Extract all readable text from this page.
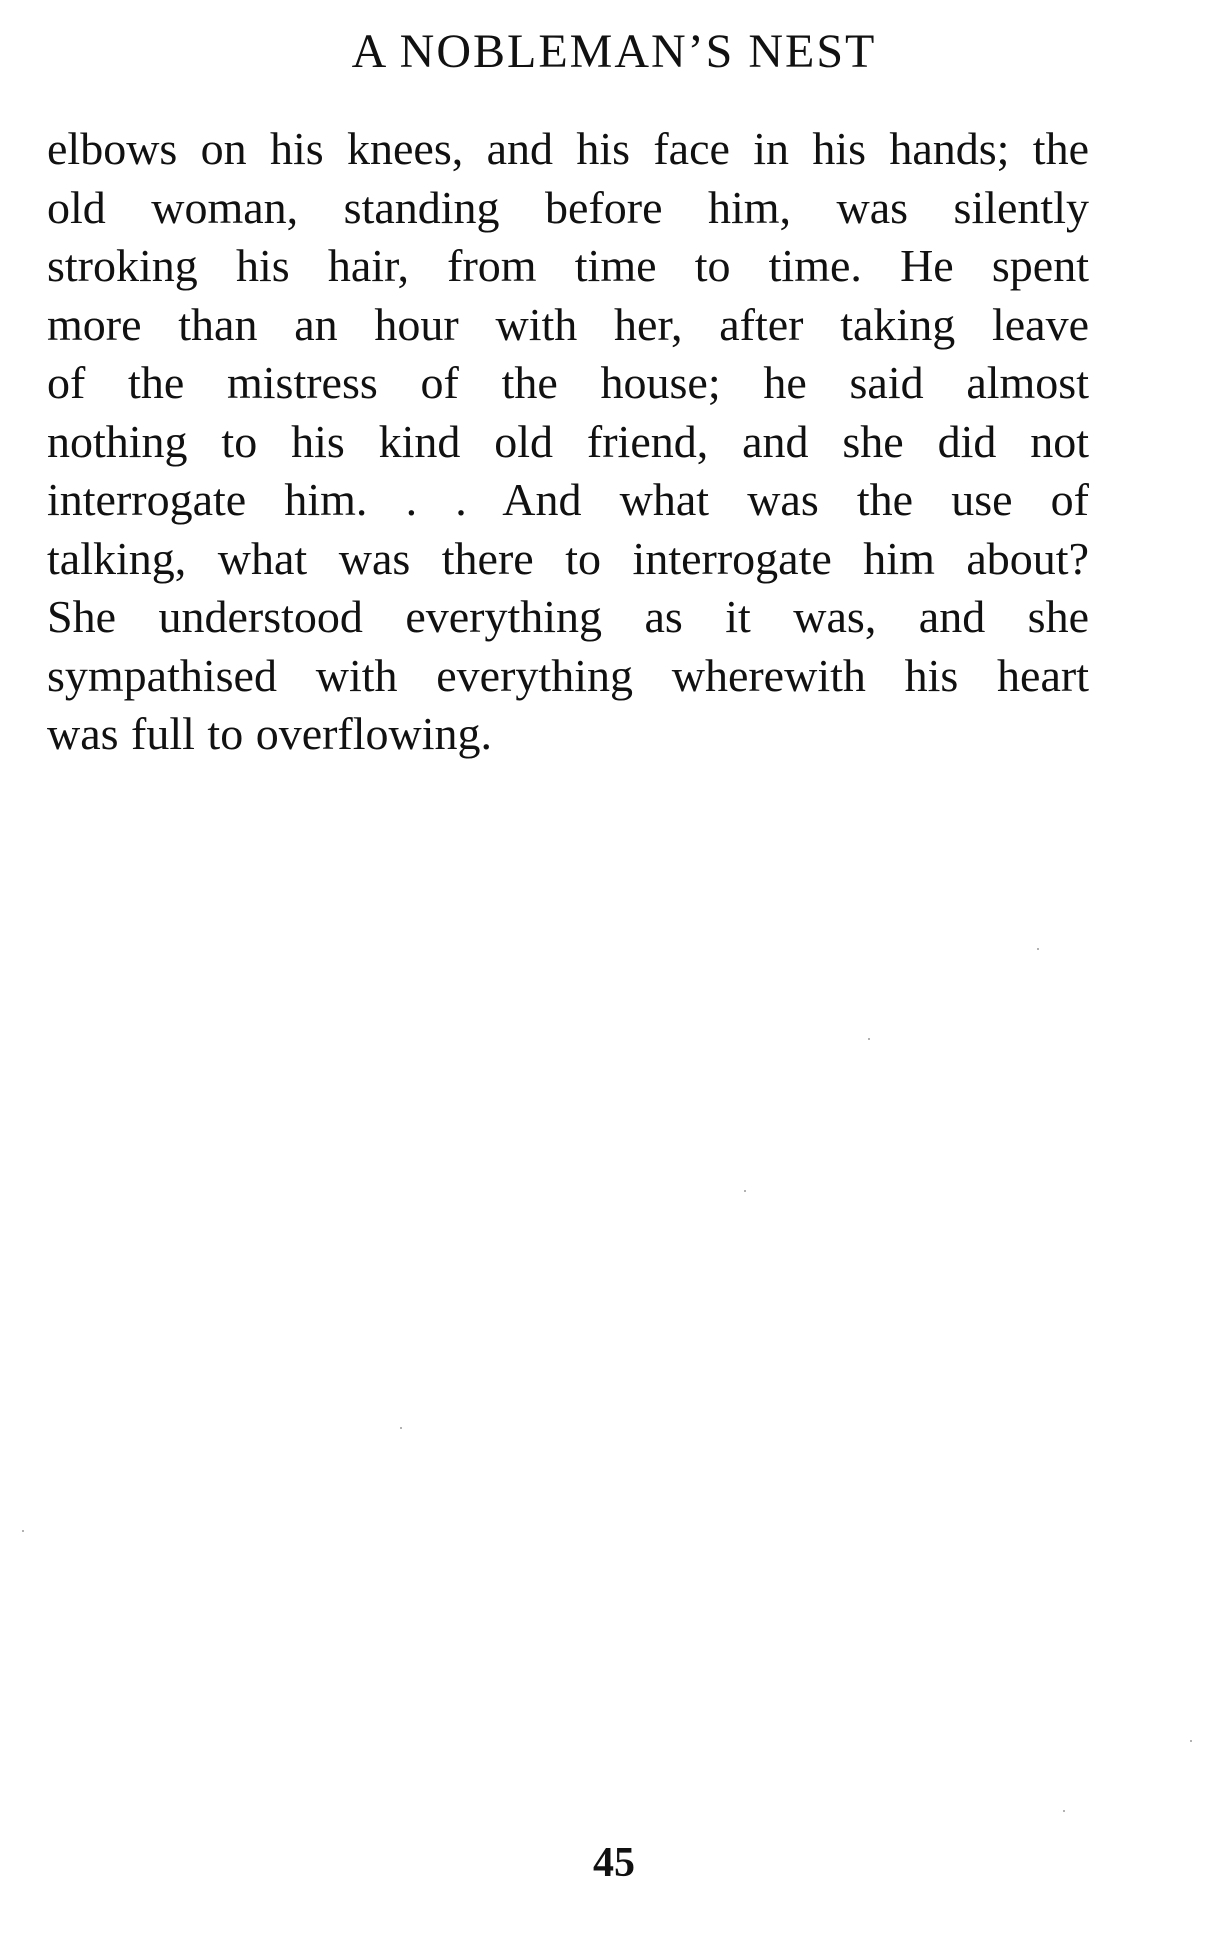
A NOBLEMAN’S NEST
elbows on his knees, and his face in his hands; the
old woman, standing before him, was silently
stroking his hair, from time to time. He spent
more than an hour with her, after taking leave
of the mistress of the house; he said almost
nothing to his kind old friend, and she did not
interrogate him. . . And what was the use of
talking, what was there to interrogate him about?
She understood everything as it was, and she
sympathised with everything wherewith his heart
was full to overflowing.
45
